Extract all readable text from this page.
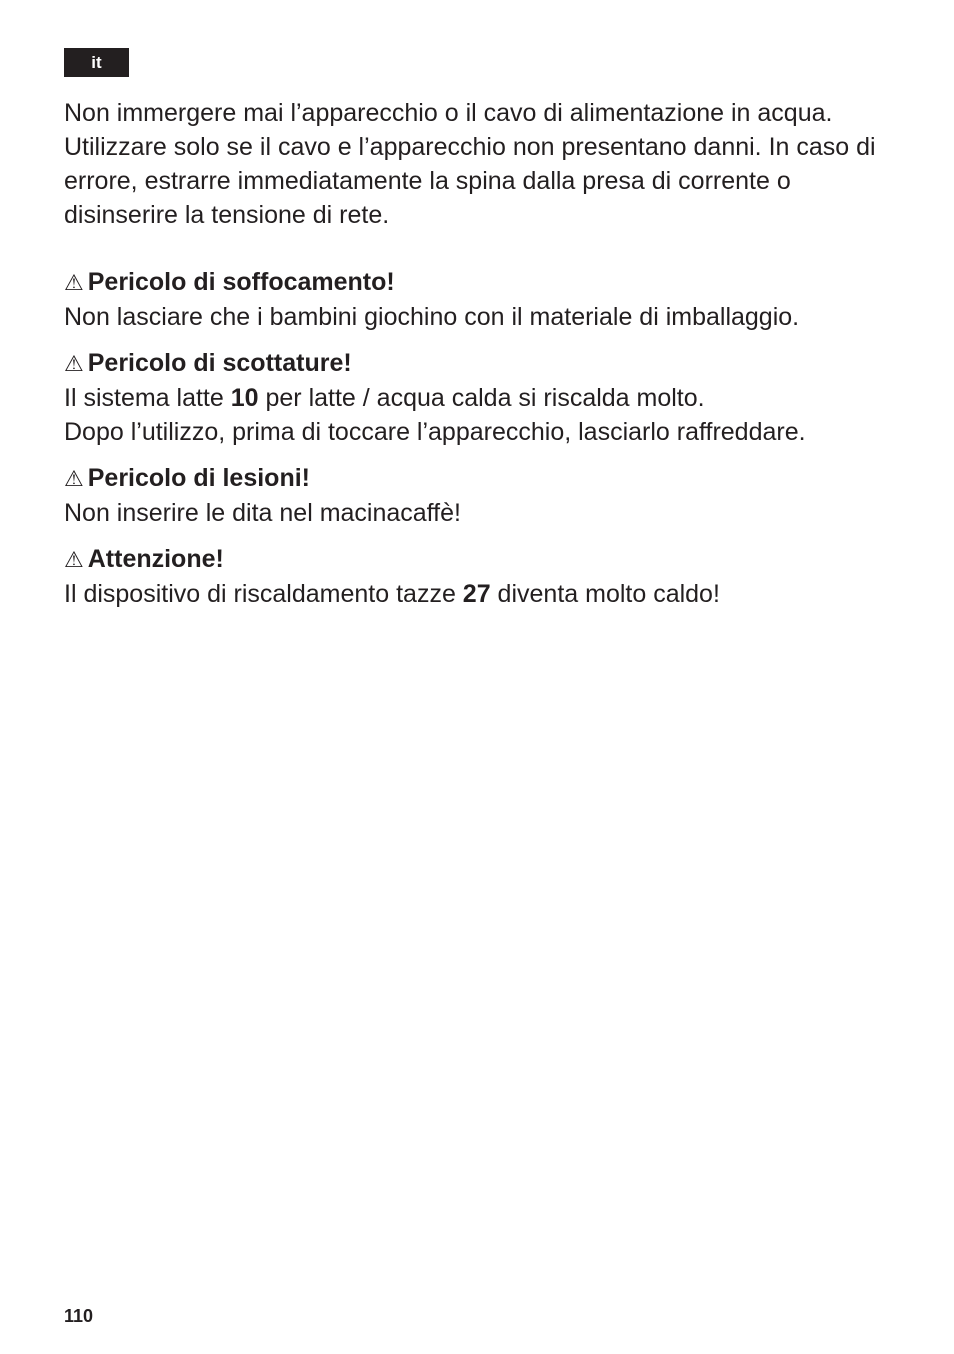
it

Non immergere mai l’apparecchio o il cavo di alimentazione in acqua. Utilizzare solo se il cavo e l’apparecchio non presentano danni. In caso di errore, estrarre immediatamente la spina dalla presa di corrente o disinserire la tensione di rete.

⚠ Pericolo di soffocamento!

Non lasciare che i bambini giochino con il materiale di imballaggio.

⚠ Pericolo di scottature!

Il sistema latte 10 per latte / acqua calda si riscalda molto.

Dopo l’utilizzo, prima di toccare l’apparecchio, lasciarlo raffreddare.

⚠ Pericolo di lesioni!

Non inserire le dita nel macinacaffè!

⚠ Attenzione!

Il dispositivo di riscaldamento tazze 27 diventa molto caldo!

110
